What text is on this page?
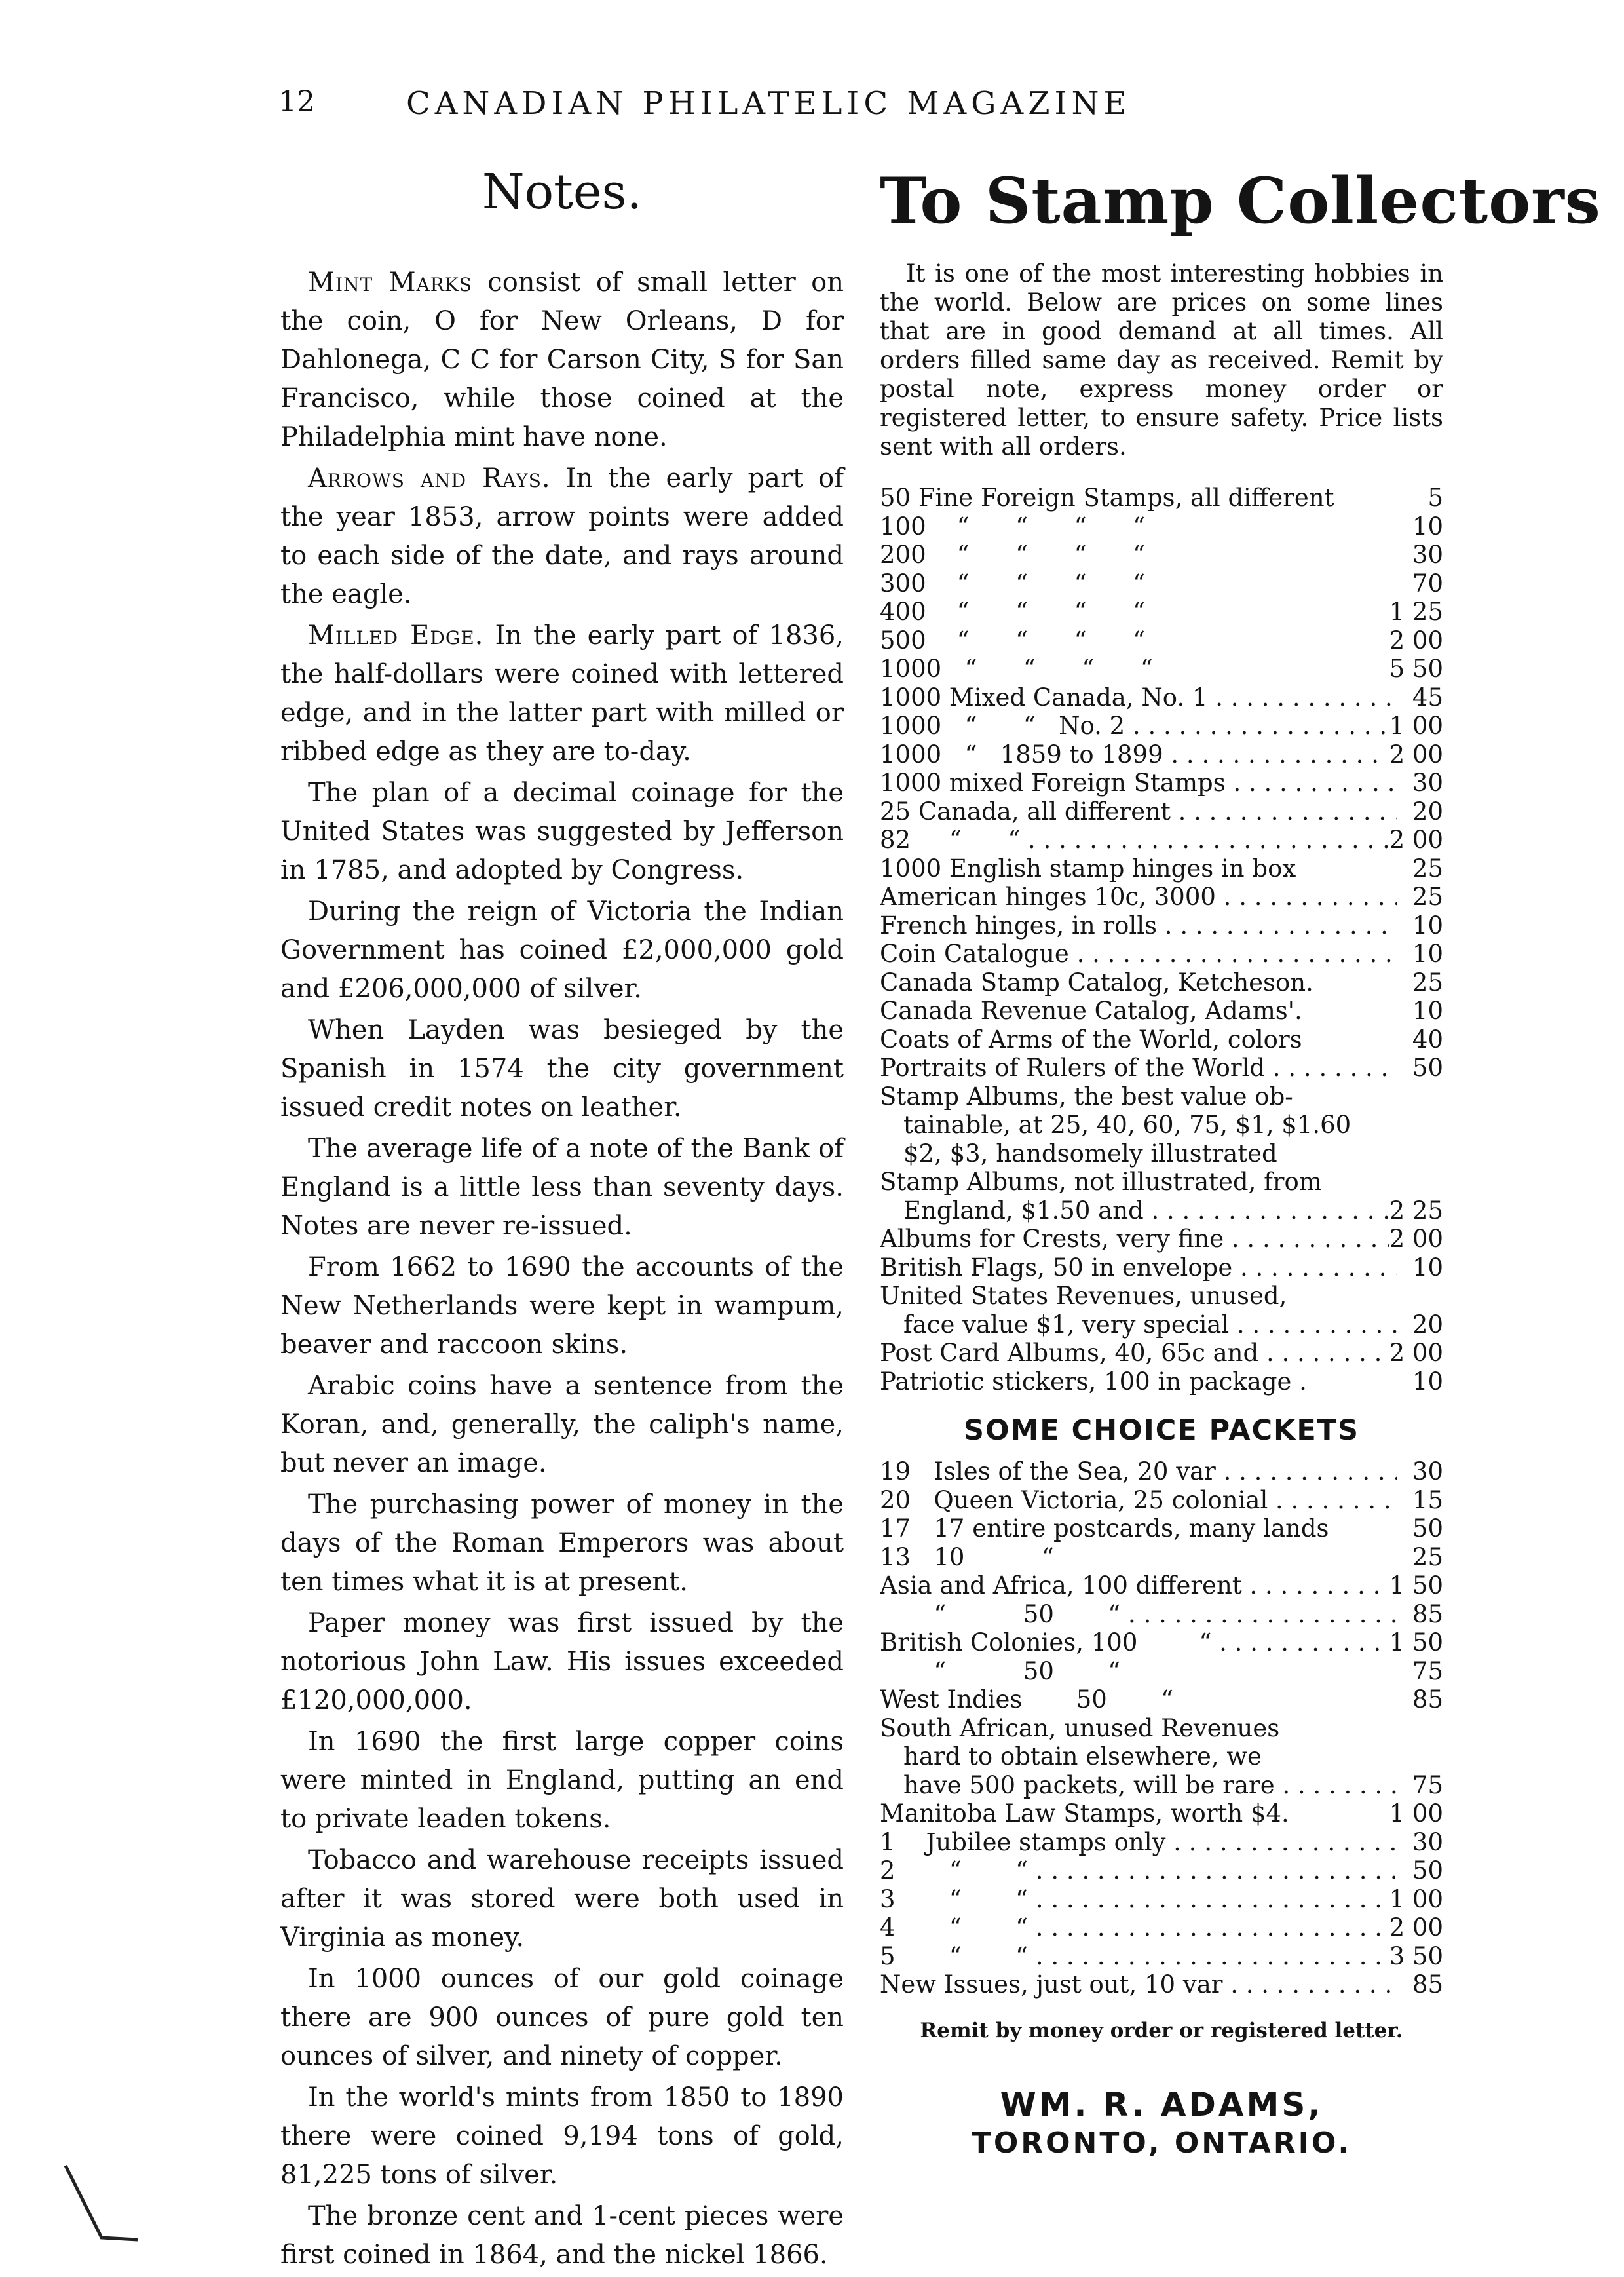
12	CANADIAN PHILATELIC MAGAZINE
Notes.

Mint Marks consist of small letter on the coin, O for New Orleans, D for Dahlonega, C C for Carson City, S for San Francisco, while those coined at the Philadelphia mint have none.

Arrows and Rays. In the early part of the year 1853, arrow points were added to each side of the date, and rays around the eagle.

Milled Edge. In the early part of 1836, the half-dollars were coined with lettered edge, and in the latter part with milled or ribbed edge as they are to-day.

The plan of a decimal coinage for the United States was suggested by Jefferson in 1785, and adopted by Congress.

During the reign of Victoria the Indian Government has coined £2,000,000 gold and £206,000,000 of silver.

When Layden was besieged by the Spanish in 1574 the city government issued credit notes on leather.

The average life of a note of the Bank of England is a little less than seventy days. Notes are never re-issued.

From 1662 to 1690 the accounts of the New Netherlands were kept in wampum, beaver and raccoon skins.

Arabic coins have a sentence from the Koran, and, generally, the caliph's name, but never an image.

The purchasing power of money in the days of the Roman Emperors was about ten times what it is at present.

Paper money was first issued by the notorious John Law. His issues exceeded £120,000,000.

In 1690 the first large copper coins were minted in England, putting an end to private leaden tokens.

Tobacco and warehouse receipts issued after it was stored were both used in Virginia as money.

In 1000 ounces of our gold coinage there are 900 ounces of pure gold ten ounces of silver, and ninety of copper.

In the world's mints from 1850 to 1890 there were coined 9,194 tons of gold, 81,225 tons of silver.

The bronze cent and 1-cent pieces were first coined in 1864, and the nickel 1866.

To Stamp Collectors

It is one of the most interesting hobbies in the world. Below are prices on some lines that are in good demand at all times. All orders filled same day as received. Remit by postal note, express money order or registered letter, to ensure safety. Price lists sent with all orders.

50 Fine Foreign Stamps, all different	5
100    “      “      “      “	10
200    “      “      “      “	30
300    “      “      “      “	70
400    “      “      “      “	1 25
500    “      “      “      “	2 00
1000   “      “      “      “	5 50
1000 Mixed Canada, No. 1 . . .	45
1000   “      “   No. 2 . . .	1 00
1000   “   1859 to 1899 . . .	2 00
1000 mixed Foreign Stamps . . .	30
25 Canada, all different . . .	20
82     “      “ . . .	2 00
1000 English stamp hinges in box	25
American hinges 10c, 3000 . . .	25
French hinges, in rolls . . .	10
Coin Catalogue . . .	10
Canada Stamp Catalog, Ketcheson.	25
Canada Revenue Catalog, Adams'.	10
Coats of Arms of the World, colors	40
Portraits of Rulers of the World . . .	50
Stamp Albums, the best value ob-
tainable, at 25, 40, 60, 75, $1, $1.60
$2, $3, handsomely illustrated
Stamp Albums, not illustrated, from
England, $1.50 and . . .	2 25
Albums for Crests, very fine . . .	2 00
British Flags, 50 in envelope . . .	10
United States Revenues, unused,
face value $1, very special . . .	20
Post Card Albums, 40, 65c and . . .	2 00
Patriotic stickers, 100 in package .	10
SOME CHOICE PACKETS
19   Isles of the Sea, 20 var . . .	30
20   Queen Victoria, 25 colonial . . .	15
17   17 entire postcards, many lands	50
13   10          “	25
Asia and Africa, 100 different . . .	1 50
“          50       “ . . .	85
British Colonies, 100        “ . . .	1 50
“          50       “	75
West Indies       50       “	85
South African, unused Revenues
hard to obtain elsewhere, we
have 500 packets, will be rare . . .	75
Manitoba Law Stamps, worth $4.	1 00
1    Jubilee stamps only . . .	30
2       “       “ . . .	50
3       “       “ . . .	1 00
4       “       “ . . .	2 00
5       “       “ . . .	3 50
New Issues, just out, 10 var . . .	85
Remit by money order or registered letter.
WM. R. ADAMS,
TORONTO, ONTARIO.
